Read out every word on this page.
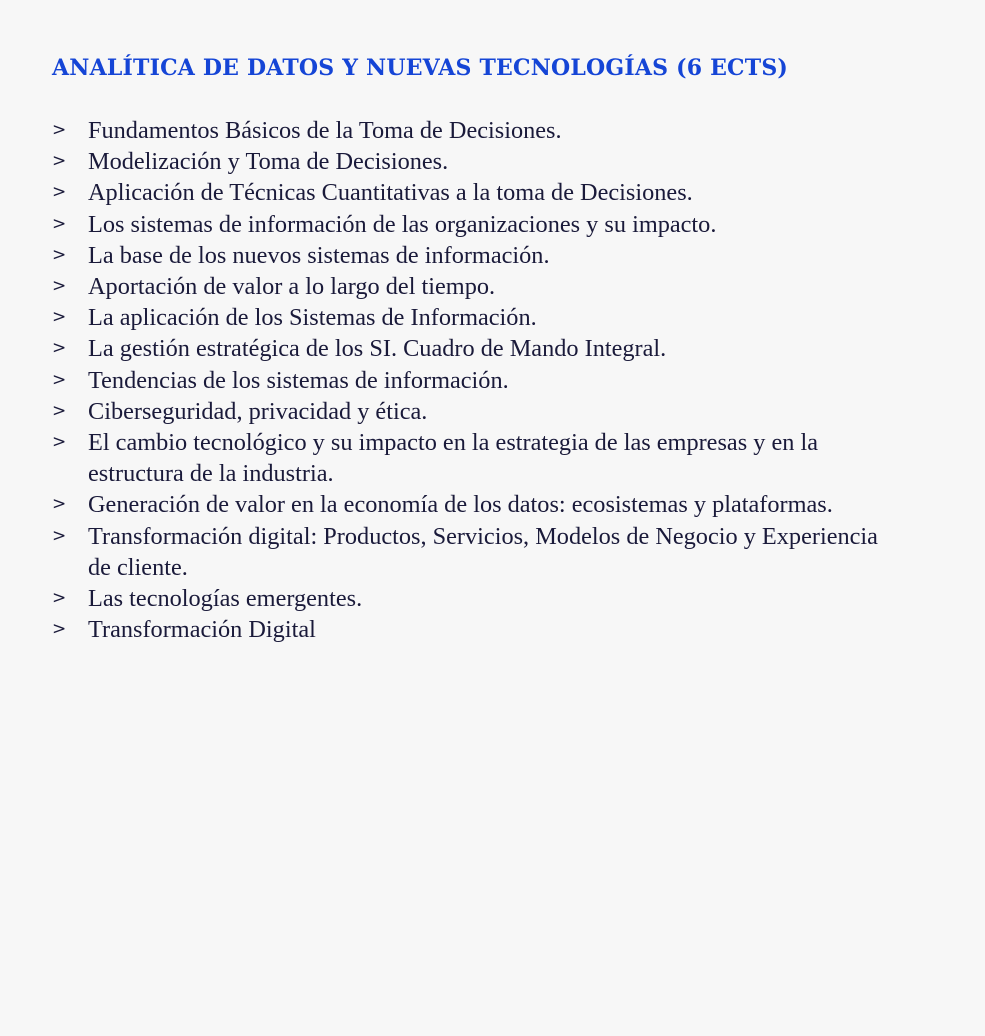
ANALÍTICA DE DATOS Y NUEVAS TECNOLOGÍAS (6 ECTS)
> Fundamentos Básicos de la Toma de Decisiones.
> Modelización y Toma de Decisiones.
> Aplicación de Técnicas Cuantitativas a la toma de Decisiones.
> Los sistemas de información de las organizaciones y su impacto.
> La base de los nuevos sistemas de información.
> Aportación de valor a lo largo del tiempo.
> La aplicación de los Sistemas de Información.
> La gestión estratégica de los SI. Cuadro de Mando Integral.
> Tendencias de los sistemas de información.
> Ciberseguridad, privacidad y ética.
> El cambio tecnológico y su impacto en la estrategia de las empresas y en la estructura de la industria.
> Generación de valor en la economía de los datos: ecosistemas y plataformas.
> Transformación digital: Productos, Servicios, Modelos de Negocio y Experiencia de cliente.
> Las tecnologías emergentes.
> Transformación Digital
